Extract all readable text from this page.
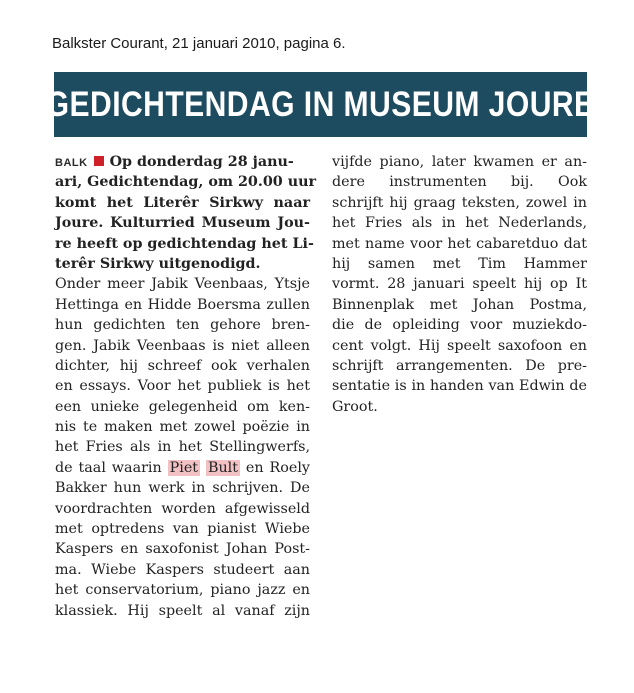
Balkster Courant, 21 januari 2010, pagina 6.
GEDICHTENDAG IN MUSEUM JOURE
BALK Op donderdag 28 janu-
ari, Gedichtendag, om 20.00 uur
komt het Literêr Sirkwy naar
Joure. Kulturried Museum Jou-
re heeft op gedichtendag het Li-
terêr Sirkwy uitgenodigd.
Onder meer Jabik Veenbaas, Ytsje
Hettinga en Hidde Boersma zullen
hun gedichten ten gehore bren-
gen. Jabik Veenbaas is niet alleen
dichter, hij schreef ook verhalen
en essays. Voor het publiek is het
een unieke gelegenheid om ken-
nis te maken met zowel poëzie in
het Fries als in het Stellingwerfs,
de taal waarin Piet Bult en Roely
Bakker hun werk in schrijven. De
voordrachten worden afgewisseld
met optredens van pianist Wiebe
Kaspers en saxofonist Johan Post-
ma. Wiebe Kaspers studeert aan
het conservatorium, piano jazz en
klassiek. Hij speelt al vanaf zijn
vijfde piano, later kwamen er an-
dere instrumenten bij. Ook
schrijft hij graag teksten, zowel in
het Fries als in het Nederlands,
met name voor het cabaretduo dat
hij samen met Tim Hammer
vormt. 28 januari speelt hij op It
Binnenplak met Johan Postma,
die de opleiding voor muziekdo-
cent volgt. Hij speelt saxofoon en
schrijft arrangementen. De pre-
sentatie is in handen van Edwin de
Groot.
